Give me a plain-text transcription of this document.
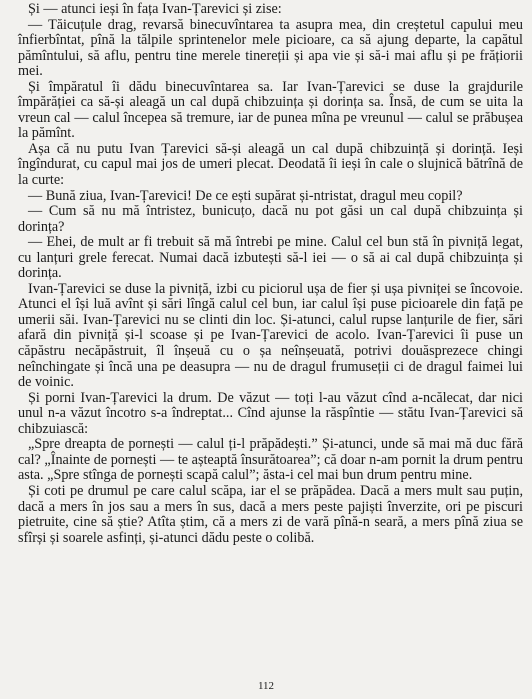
Și — atunci ieși în fața Ivan-Țarevici și zise:

— Tăicuțule drag, revarsă binecuvîntarea ta asupra mea, din creștetul capului meu înfierbîntat, pînă la tălpile sprintenelor mele picioare, ca să ajung departe, la capătul pămîntului, să aflu, pentru tine merele tinereții și apa vie și să-i mai aflu și pe frățiorii mei.

Și împăratul îi dădu binecuvîntarea sa. Iar Ivan-Țarevici se duse la grajdurile împărăției ca să-și aleagă un cal după chibzuința și dorința sa. Însă, de cum se uita la vreun cal — calul începea să tremure, iar de punea mîna pe vreunul — calul se prăbușea la pămînt.

Așa că nu putu Ivan Țarevici să-și aleagă un cal după chibzuință și dorință. Ieși îngîndurat, cu capul mai jos de umeri plecat. Deodată îi ieși în cale o slujnică bătrînă de la curte:

— Bună ziua, Ivan-Țarevici! De ce ești supărat și-ntristat, dragul meu copil?

— Cum să nu mă întristez, bunicuțo, dacă nu pot găsi un cal după chibzuința și dorința?

— Ehei, de mult ar fi trebuit să mă întrebi pe mine. Calul cel bun stă în pivniță legat, cu lanțuri grele ferecat. Numai dacă izbutești să-l iei — o să ai cal după chibzuința și dorința.

Ivan-Țarevici se duse la pivniță, izbi cu piciorul ușa de fier și ușa pivniței se încovoie. Atunci el își luă avînt și sări lîngă calul cel bun, iar calul își puse picioarele din față pe umerii săi. Ivan-Țarevici nu se clinti din loc. Și-atunci, calul rupse lanțurile de fier, sări afară din pivniță și-l scoase și pe Ivan-Țarevici de acolo. Ivan-Țarevici îi puse un căpăstru necăpăstruit, îl înșeuă cu o șa neînșeuată, potrivi douăsprezece chingi neînchingate și încă una pe deasupra — nu de dragul frumuseții ci de dragul faimei lui de voinic.

Și porni Ivan-Țarevici la drum. De văzut — toți l-au văzut cînd a-ncălecat, dar nici unul n-a văzut încotro s-a îndreptat... Cînd ajunse la răspîntie — stătu Ivan-Țarevici să chibzuiască:

„Spre dreapta de pornești — calul ți-l prăpădești.” Și-atunci, unde să mai mă duc fără cal? „Înainte de pornești — te așteaptă însurătoarea”; că doar n-am pornit la drum pentru asta. „Spre stînga de pornești scapă calul”; ăsta-i cel mai bun drum pentru mine.

Și coti pe drumul pe care calul scăpa, iar el se prăpădea. Dacă a mers mult sau puțin, dacă a mers în jos sau a mers în sus, dacă a mers peste pajiști înverzite, ori pe piscuri pietruite, cine să știe? Atîta știm, că a mers zi de vară pînă-n seară, a mers pînă ziua se sfîrși și soarele asfinți, și-atunci dădu peste o colibă.

112
